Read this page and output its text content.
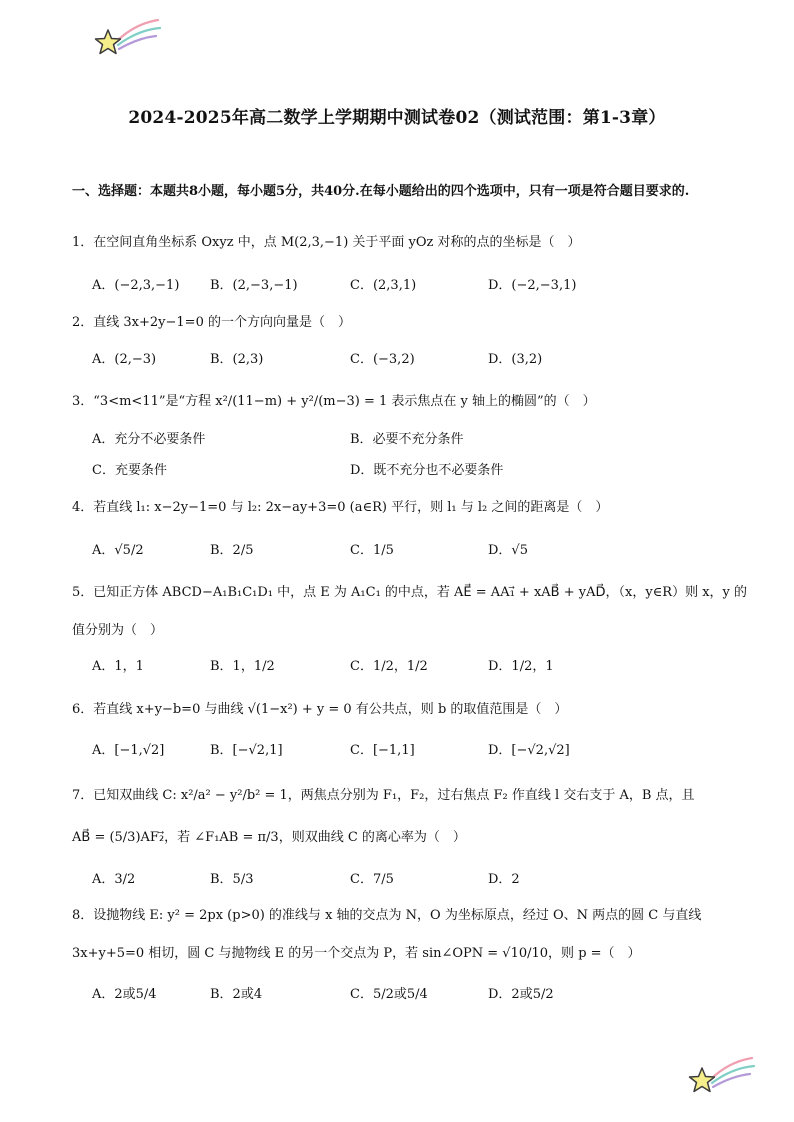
2024-2025年高二数学上学期期中测试卷02（测试范围：第1-3章）
一、选择题：本题共8小题，每小题5分，共40分.在每小题给出的四个选项中，只有一项是符合题目要求的.
1．在空间直角坐标系 Oxyz 中，点 M(2,3,−1) 关于平面 yOz 对称的点的坐标是（　）
A．(−2,3,−1) B．(2,−3,−1)	C．(2,3,1)	D．(−2,−3,1)
2．直线 3x+2y−1=0 的一个方向向量是（　）
A．(2,−3)	B．(2,3)	C．(−3,2)	D．(3,2)
3．“3<m<11”是“方程 x²/(11−m) + y²/(m−3) = 1 表示焦点在 y 轴上的椭圆”的（　）
A．充分不必要条件	B．必要不充分条件
C．充要条件	D．既不充分也不必要条件
4．若直线 l₁: x−2y−1=0 与 l₂: 2x−ay+3=0 (a∈R) 平行，则 l₁ 与 l₂ 之间的距离是（　）
A．√5/2	B．2/5	C．1/5	D．√5
5．已知正方体 ABCD−A₁B₁C₁D₁ 中，点 E 为 A₁C₁ 的中点，若 AE⃗ = AA₁⃗ + xAB⃗ + yAD⃗，（x，y∈R）则 x，y 的
值分别为（　）
A．1，1	B．1，1/2	C．1/2，1/2	D．1/2，1
6．若直线 x+y−b=0 与曲线 √(1−x²) + y = 0 有公共点，则 b 的取值范围是（　）
A．[−1,√2]	B．[−√2,1]	C．[−1,1]	D．[−√2,√2]
7．已知双曲线 C: x²/a² − y²/b² = 1，两焦点分别为 F₁，F₂，过右焦点 F₂ 作直线 l 交右支于 A，B 点，且
AB⃗ = (5/3)AF₂⃗，若 ∠F₁AB = π/3，则双曲线 C 的离心率为（　）
A．3/2	B．5/3	C．7/5	D．2
8．设抛物线 E: y² = 2px (p>0) 的准线与 x 轴的交点为 N，O 为坐标原点，经过 O、N 两点的圆 C 与直线
3x+y+5=0 相切，圆 C 与抛物线 E 的另一个交点为 P，若 sin∠OPN = √10/10，则 p =（　）
A．2或5/4	B．2或4	C．5/2或5/4	D．2或5/2
